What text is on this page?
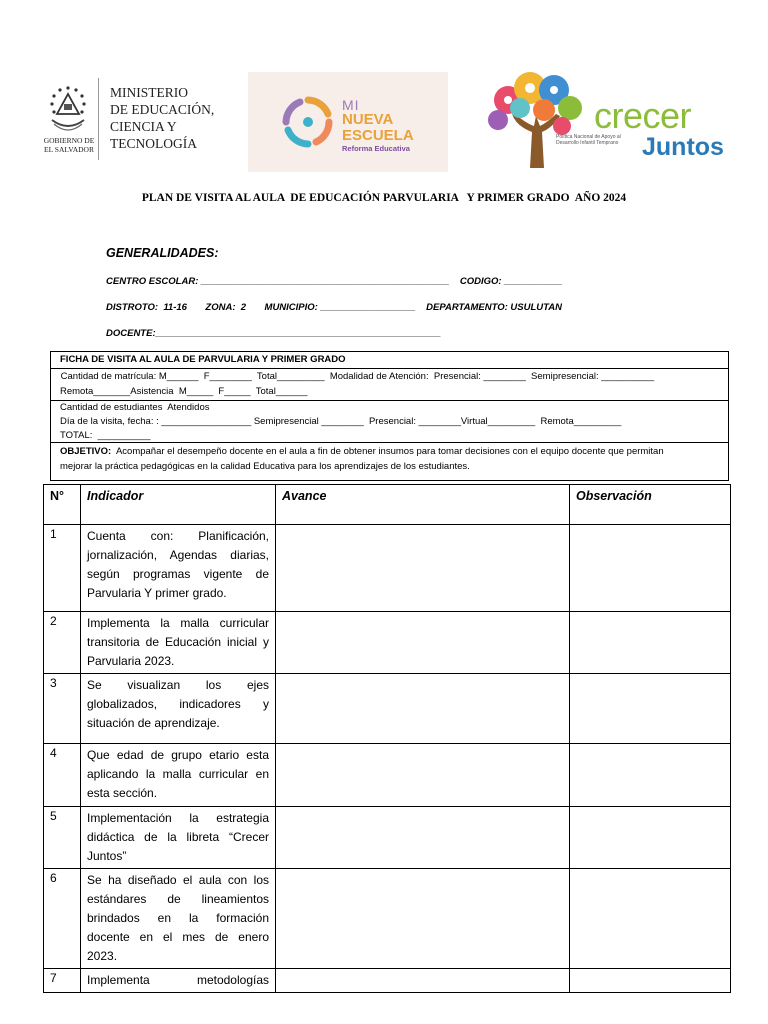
GOBIERNO DE
EL SALVADOR
MINISTERIO
DE EDUCACIÓN,
CIENCIA Y
TECNOLOGÍA
MI
NUEVA
ESCUELA
Reforma Educativa
Política Nacional de Apoyo al Desarrollo Infantil Temprano
crecer
Juntos
PLAN DE VISITA AL AULA  DE EDUCACIÓN PARVULARIA   Y PRIMER GRADO  AÑO 2024
GENERALIDADES:
CENTRO ESCOLAR: _______________________________________________    CODIGO: ___________
DISTROTO:  11-16       ZONA:  2       MUNICIPIO: __________________    DEPARTAMENTO: USULUTAN
DOCENTE:______________________________________________________
FICHA DE VISITA AL AULA DE PARVULARIA Y PRIMER GRADO
Cantidad de matrícula: M______  F________  Total_________  Modalidad de Atención:  Presencial: ________  Semipresencial: __________
Remota_______Asistencia  M_____  F_____  Total______
Cantidad de estudiantes  Atendidos
Día de la visita, fecha: : _________________ Semipresencial ________  Presencial: ________Virtual_________  Remota_________
TOTAL:  __________
OBJETIVO:  Acompañar el desempeño docente en el aula a fin de obtener insumos para tomar decisiones con el equipo docente que permitan
mejorar la práctica pedagógicas en la calidad Educativa para los aprendizajes de los estudiantes.
N°	Indicador	Avance	Observación
1	Cuenta con: Planificación, jornalización, Agendas diarias, según programas vigente de Parvularia Y primer grado.		
2	Implementa la malla curricular transitoria de Educación inicial y Parvularia 2023.		
3	Se visualizan los ejes globalizados, indicadores y situación de aprendizaje.		
4	Que edad de grupo etario esta aplicando la malla curricular en esta sección.		
5	Implementación la estrategia didáctica de la libreta “Crecer Juntos”		
6	Se ha diseñado el aula con los estándares de lineamientos brindados en la formación docente en el mes de enero 2023.		
7	Implementa metodologías		
